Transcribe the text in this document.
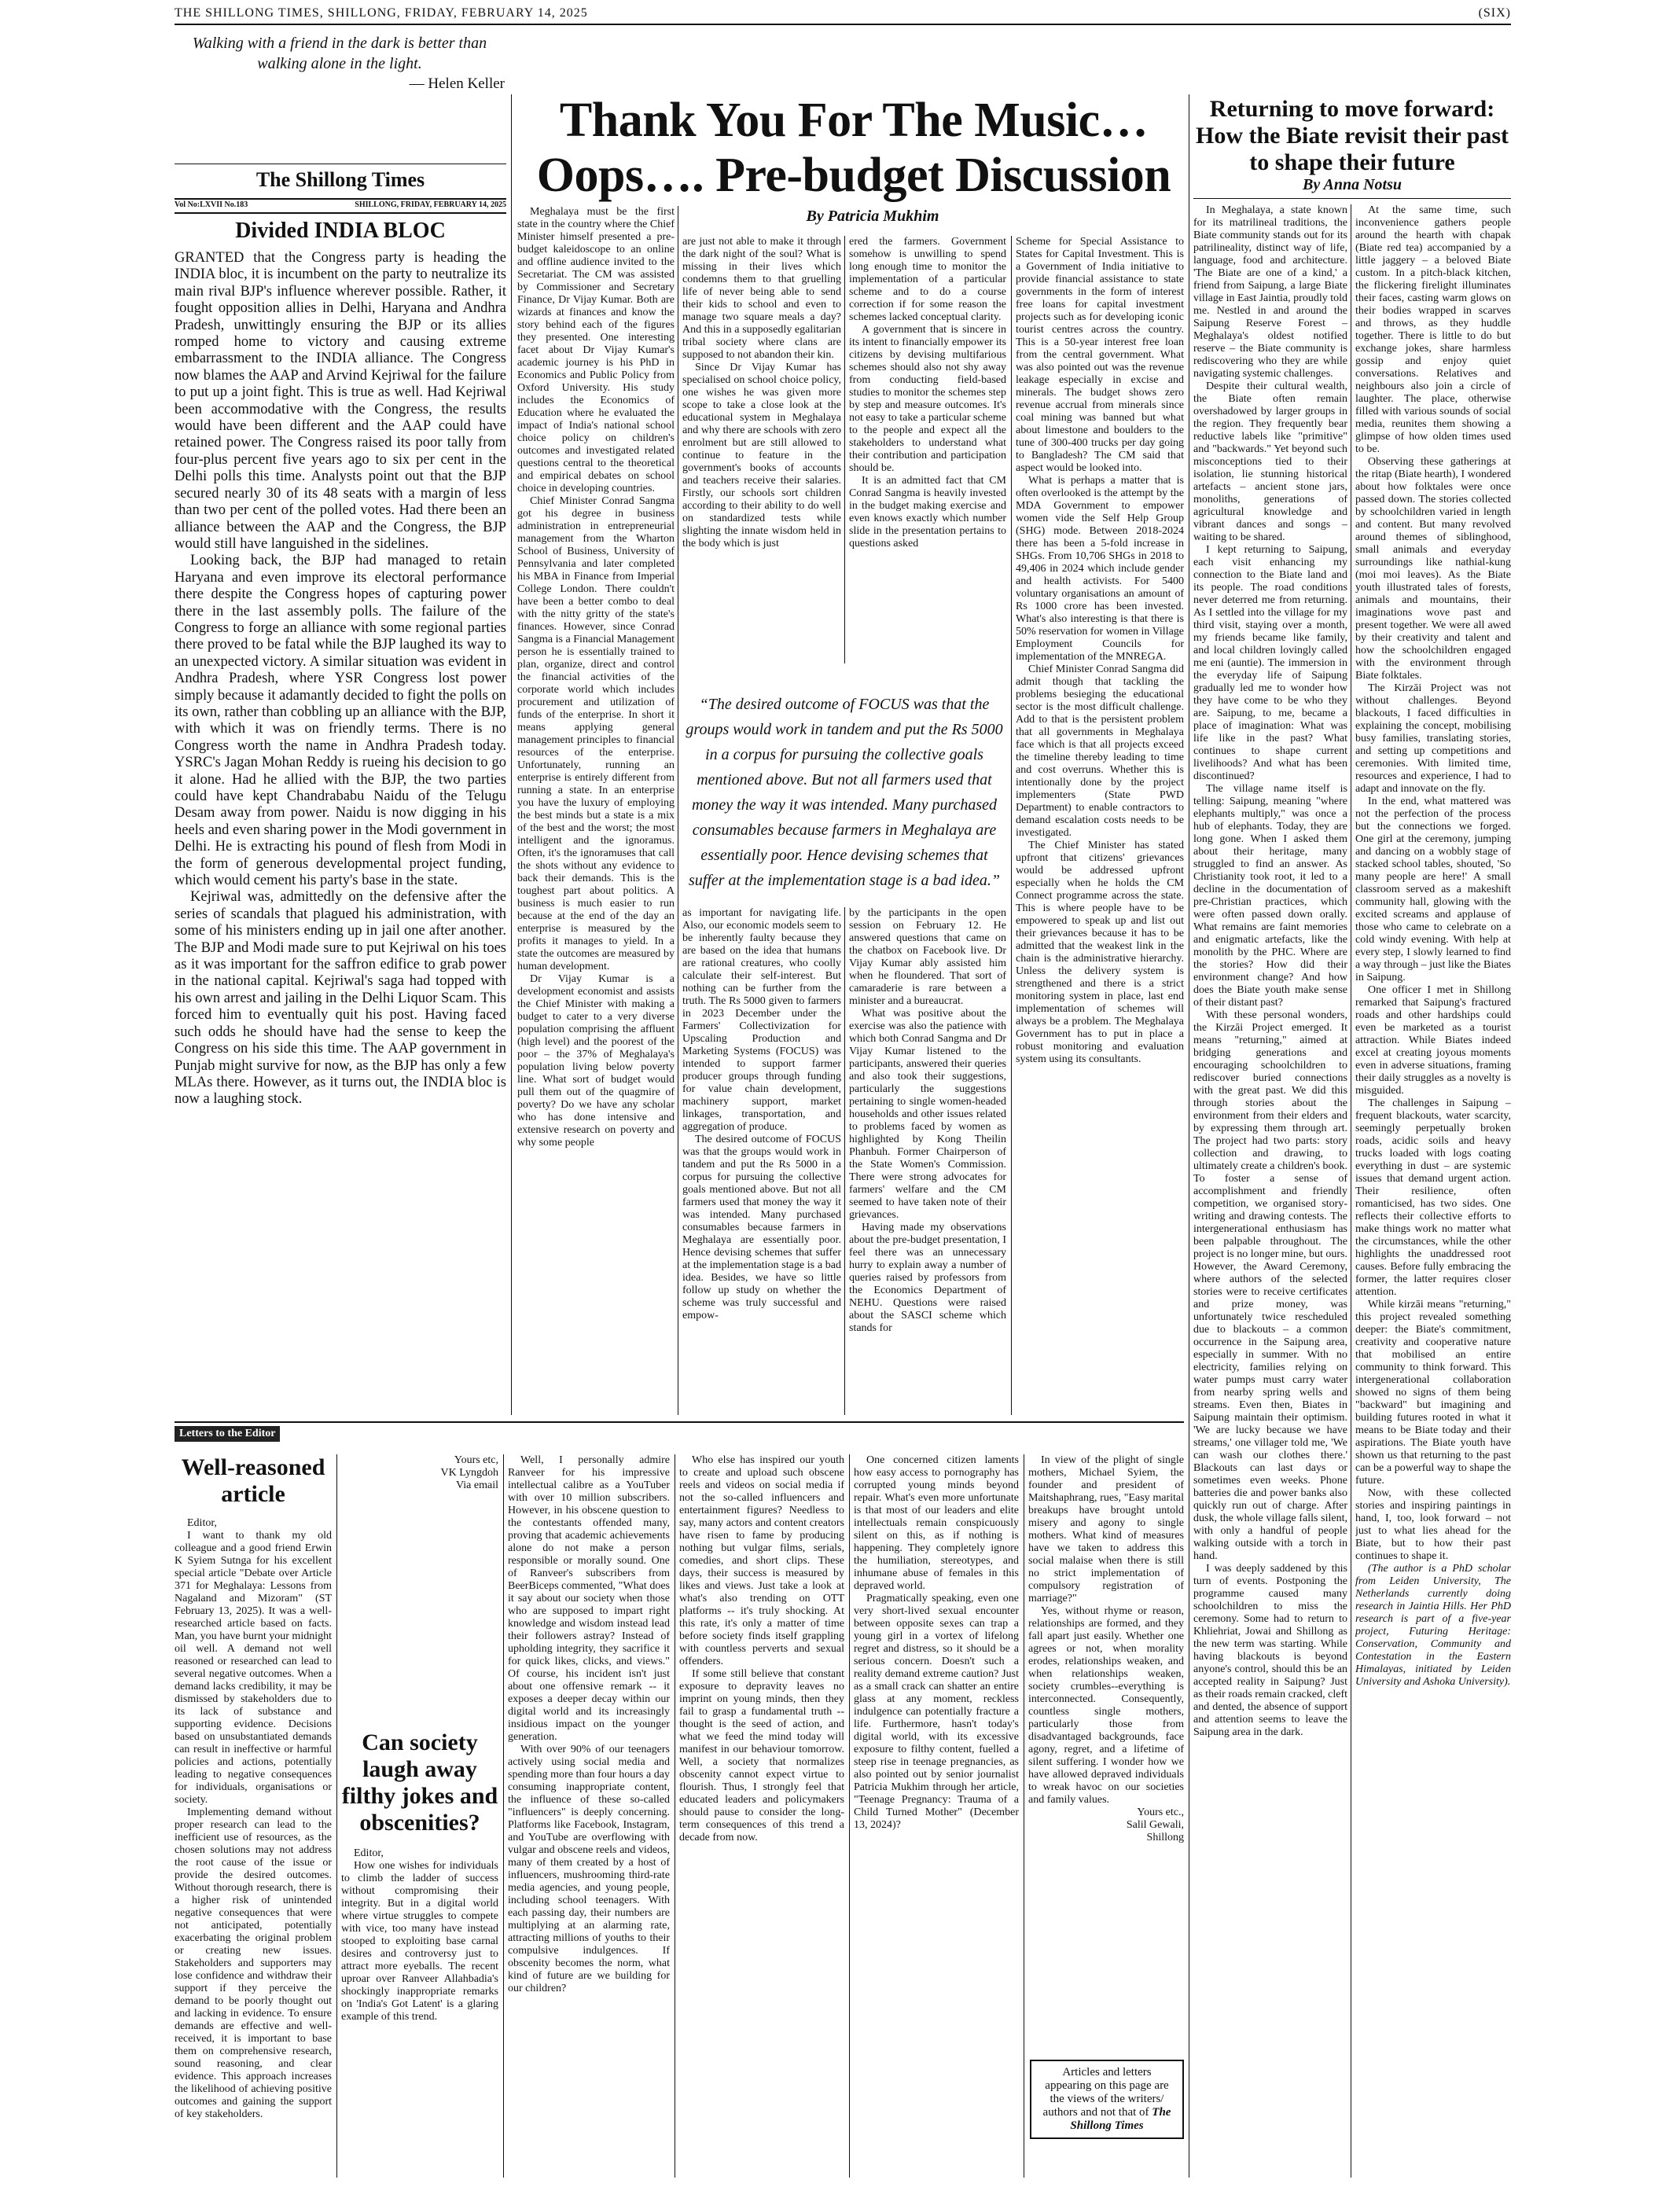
THE SHILLONG TIMES, SHILLONG, FRIDAY, FEBRUARY 14, 2025	(SIX)
Walking with a friend in the dark is better than walking alone in the light.
— Helen Keller
The Shillong Times
Vol No:LXVII No.183	SHILLONG, FRIDAY, FEBRUARY 14, 2025
Divided INDIA BLOC

GRANTED that the Congress party is heading the INDIA bloc, it is incumbent on the party to neutralize its main rival BJP's influence wherever possible. Rather, it fought opposition allies in Delhi, Haryana and Andhra Pradesh, unwittingly ensuring the BJP or its allies romped home to victory and causing extreme embarrassment to the INDIA alliance. The Congress now blames the AAP and Arvind Kejriwal for the failure to put up a joint fight. This is true as well. Had Kejriwal been accommodative with the Congress, the results would have been different and the AAP could have retained power. The Congress raised its poor tally from four-plus percent five years ago to six per cent in the Delhi polls this time. Analysts point out that the BJP secured nearly 30 of its 48 seats with a margin of less than two per cent of the polled votes. Had there been an alliance between the AAP and the Congress, the BJP would still have languished in the sidelines.

Looking back, the BJP had managed to retain Haryana and even improve its electoral performance there despite the Congress hopes of capturing power there in the last assembly polls. The failure of the Congress to forge an alliance with some regional parties there proved to be fatal while the BJP laughed its way to an unexpected victory. A similar situation was evident in Andhra Pradesh, where YSR Congress lost power simply because it adamantly decided to fight the polls on its own, rather than cobbling up an alliance with the BJP, with which it was on friendly terms. There is no Congress worth the name in Andhra Pradesh today. YSRC's Jagan Mohan Reddy is rueing his decision to go it alone. Had he allied with the BJP, the two parties could have kept Chandrababu Naidu of the Telugu Desam away from power. Naidu is now digging in his heels and even sharing power in the Modi government in Delhi. He is extracting his pound of flesh from Modi in the form of generous developmental project funding, which would cement his party's base in the state.

Kejriwal was, admittedly on the defensive after the series of scandals that plagued his administration, with some of his ministers ending up in jail one after another. The BJP and Modi made sure to put Kejriwal on his toes as it was important for the saffron edifice to grab power in the national capital. Kejriwal's saga had topped with his own arrest and jailing in the Delhi Liquor Scam. This forced him to eventually quit his post. Having faced such odds he should have had the sense to keep the Congress on his side this time. The AAP government in Punjab might survive for now, as the BJP has only a few MLAs there. However, as it turns out, the INDIA bloc is now a laughing stock.

Thank You For The Music…
Oops…. Pre-budget Discussion
By Patricia Mukhim

Meghalaya must be the first state in the country where the Chief Minister himself presented a pre-budget kaleidoscope to an online and offline audience invited to the Secretariat. The CM was assisted by Commissioner and Secretary Finance, Dr Vijay Kumar. Both are wizards at finances and know the story behind each of the figures they presented. One interesting facet about Dr Vijay Kumar's academic journey is his PhD in Economics and Public Policy from Oxford University. His study includes the Economics of Education where he evaluated the impact of India's national school choice policy on children's outcomes and investigated related questions central to the theoretical and empirical debates on school choice in developing countries.

Chief Minister Conrad Sangma got his degree in business administration in entrepreneurial management from the Wharton School of Business, University of Pennsylvania and later completed his MBA in Finance from Imperial College London. There couldn't have been a better combo to deal with the nitty gritty of the state's finances. However, since Conrad Sangma is a Financial Management person he is essentially trained to plan, organize, direct and control the financial activities of the corporate world which includes procurement and utilization of funds of the enterprise. In short it means applying general management principles to financial resources of the enterprise. Unfortunately, running an enterprise is entirely different from running a state. In an enterprise you have the luxury of employing the best minds but a state is a mix of the best and the worst; the most intelligent and the ignoramus. Often, it's the ignoramuses that call the shots without any evidence to back their demands. This is the toughest part about politics. A business is much easier to run because at the end of the day an enterprise is measured by the profits it manages to yield. In a state the outcomes are measured by human development.

Dr Vijay Kumar is a development economist and assists the Chief Minister with making a budget to cater to a very diverse population comprising the affluent (high level) and the poorest of the poor – the 37% of Meghalaya's population living below poverty line. What sort of budget would pull them out of the quagmire of poverty? Do we have any scholar who has done intensive and extensive research on poverty and why some people

are just not able to make it through the dark night of the soul? What is missing in their lives which condemns them to that gruelling life of never being able to send their kids to school and even to manage two square meals a day? And this in a supposedly egalitarian tribal society where clans are supposed to not abandon their kin.

Since Dr Vijay Kumar has specialised on school choice policy, one wishes he was given more scope to take a close look at the educational system in Meghalaya and why there are schools with zero enrolment but are still allowed to continue to feature in the government's books of accounts and teachers receive their salaries. Firstly, our schools sort children according to their ability to do well on standardized tests while slighting the innate wisdom held in the body which is just

ered the farmers. Government somehow is unwilling to spend long enough time to monitor the implementation of a particular scheme and to do a course correction if for some reason the schemes lacked conceptual clarity.

A government that is sincere in its intent to financially empower its citizens by devising multifarious schemes should also not shy away from conducting field-based studies to monitor the schemes step by step and measure outcomes. It's not easy to take a particular scheme to the people and expect all the stakeholders to understand what their contribution and participation should be.

It is an admitted fact that CM Conrad Sangma is heavily invested in the budget making exercise and even knows exactly which number slide in the presentation pertains to questions asked

“The desired outcome of FOCUS was that the groups would work in tandem and put the Rs 5000 in a corpus for pursuing the collective goals mentioned above. But not all farmers used that money the way it was intended. Many purchased consumables because farmers in Meghalaya are essentially poor. Hence devising schemes that suffer at the implementation stage is a bad idea.”

as important for navigating life. Also, our economic models seem to be inherently faulty because they are based on the idea that humans are rational creatures, who coolly calculate their self-interest. But nothing can be further from the truth. The Rs 5000 given to farmers in 2023 December under the Farmers' Collectivization for Upscaling Production and Marketing Systems (FOCUS) was intended to support farmer producer groups through funding for value chain development, machinery support, market linkages, transportation, and aggregation of produce.

The desired outcome of FOCUS was that the groups would work in tandem and put the Rs 5000 in a corpus for pursuing the collective goals mentioned above. But not all farmers used that money the way it was intended. Many purchased consumables because farmers in Meghalaya are essentially poor. Hence devising schemes that suffer at the implementation stage is a bad idea. Besides, we have so little follow up study on whether the scheme was truly successful and empow-

by the participants in the open session on February 12. He answered questions that came on the chatbox on Facebook live. Dr Vijay Kumar ably assisted him when he floundered. That sort of camaraderie is rare between a minister and a bureaucrat.

What was positive about the exercise was also the patience with which both Conrad Sangma and Dr Vijay Kumar listened to the participants, answered their queries and also took their suggestions, particularly the suggestions pertaining to single women-headed households and other issues related to problems faced by women as highlighted by Kong Theilin Phanbuh. Former Chairperson of the State Women's Commission. There were strong advocates for farmers' welfare and the CM seemed to have taken note of their grievances.

Having made my observations about the pre-budget presentation, I feel there was an unnecessary hurry to explain away a number of queries raised by professors from the Economics Department of NEHU. Questions were raised about the SASCI scheme which stands for

Scheme for Special Assistance to States for Capital Investment. This is a Government of India initiative to provide financial assistance to state governments in the form of interest free loans for capital investment projects such as for developing iconic tourist centres across the country. This is a 50-year interest free loan from the central government. What was also pointed out was the revenue leakage especially in excise and minerals. The budget shows zero revenue accrual from minerals since coal mining was banned but what about limestone and boulders to the tune of 300-400 trucks per day going to Bangladesh? The CM said that aspect would be looked into.

What is perhaps a matter that is often overlooked is the attempt by the MDA Government to empower women vide the Self Help Group (SHG) mode. Between 2018-2024 there has been a 5-fold increase in SHGs. From 10,706 SHGs in 2018 to 49,406 in 2024 which include gender and health activists. For 5400 voluntary organisations an amount of Rs 1000 crore has been invested. What's also interesting is that there is 50% reservation for women in Village Employment Councils for implementation of the MNREGA.

Chief Minister Conrad Sangma did admit though that tackling the problems besieging the educational sector is the most difficult challenge. Add to that is the persistent problem that all governments in Meghalaya face which is that all projects exceed the timeline thereby leading to time and cost overruns. Whether this is intentionally done by the project implementers (State PWD Department) to enable contractors to demand escalation costs needs to be investigated.

The Chief Minister has stated upfront that citizens' grievances would be addressed upfront especially when he holds the CM Connect programme across the state. This is where people have to be empowered to speak up and list out their grievances because it has to be admitted that the weakest link in the chain is the administrative hierarchy. Unless the delivery system is strengthened and there is a strict monitoring system in place, last end implementation of schemes will always be a problem. The Meghalaya Government has to put in place a robust monitoring and evaluation system using its consultants.

Returning to move forward: How the Biate revisit their past to shape their future
By Anna Notsu

In Meghalaya, a state known for its matrilineal traditions, the Biate community stands out for its patrilineality, distinct way of life, language, food and architecture. 'The Biate are one of a kind,' a friend from Saipung, a large Biate village in East Jaintia, proudly told me. Nestled in and around the Saipung Reserve Forest – Meghalaya's oldest notified reserve – the Biate community is rediscovering who they are while navigating systemic challenges.

Despite their cultural wealth, the Biate often remain overshadowed by larger groups in the region. They frequently bear reductive labels like "primitive" and "backwards." Yet beyond such misconceptions tied to their isolation, lie stunning historical artefacts – ancient stone jars, monoliths, generations of agricultural knowledge and vibrant dances and songs – waiting to be shared.

I kept returning to Saipung, each visit enhancing my connection to the Biate land and its people. The road conditions never deterred me from returning. As I settled into the village for my third visit, staying over a month, my friends became like family, and local children lovingly called me eni (auntie). The immersion in the everyday life of Saipung gradually led me to wonder how they have come to be who they are. Saipung, to me, became a place of imagination: What was life like in the past? What continues to shape current livelihoods? And what has been discontinued?

The village name itself is telling: Saipung, meaning "where elephants multiply," was once a hub of elephants. Today, they are long gone. When I asked them about their heritage, many struggled to find an answer. As Christianity took root, it led to a decline in the documentation of pre-Christian practices, which were often passed down orally. What remains are faint memories and enigmatic artefacts, like the monolith by the PHC. Where are the stories? How did their environment change? And how does the Biate youth make sense of their distant past?

With these personal wonders, the Kirzāi Project emerged. It means "returning," aimed at bridging generations and encouraging schoolchildren to rediscover buried connections with the great past. We did this through stories about the environment from their elders and by expressing them through art. The project had two parts: story collection and drawing, to ultimately create a children's book. To foster a sense of accomplishment and friendly competition, we organised story-writing and drawing contests. The intergenerational enthusiasm has been palpable throughout. The project is no longer mine, but ours. However, the Award Ceremony, where authors of the selected stories were to receive certificates and prize money, was unfortunately twice rescheduled due to blackouts – a common occurrence in the Saipung area, especially in summer. With no electricity, families relying on water pumps must carry water from nearby spring wells and streams. Even then, Biates in Saipung maintain their optimism. 'We are lucky because we have streams,' one villager told me, 'We can wash our clothes there.' Blackouts can last days or sometimes even weeks. Phone batteries die and power banks also quickly run out of charge. After dusk, the whole village falls silent, with only a handful of people walking outside with a torch in hand.

I was deeply saddened by this turn of events. Postponing the programme caused many schoolchildren to miss the ceremony. Some had to return to Khliehriat, Jowai and Shillong as the new term was starting. While having blackouts is beyond anyone's control, should this be an accepted reality in Saipung? Just as their roads remain cracked, cleft and dented, the absence of support and attention seems to leave the Saipung area in the dark.

At the same time, such inconvenience gathers people around the hearth with chapak (Biate red tea) accompanied by a little jaggery – a beloved Biate custom. In a pitch-black kitchen, the flickering firelight illuminates their faces, casting warm glows on their bodies wrapped in scarves and throws, as they huddle together. There is little to do but exchange jokes, share harmless gossip and enjoy quiet conversations. Relatives and neighbours also join a circle of laughter. The place, otherwise filled with various sounds of social media, reunites them showing a glimpse of how olden times used to be.

Observing these gatherings at the ritap (Biate hearth), I wondered about how folktales were once passed down. The stories collected by schoolchildren varied in length and content. But many revolved around themes of siblinghood, small animals and everyday surroundings like nathial-kung (moi moi leaves). As the Biate youth illustrated tales of forests, animals and mountains, their imaginations wove past and present together. We were all awed by their creativity and talent and how the schoolchildren engaged with the environment through Biate folktales.

The Kirzāi Project was not without challenges. Beyond blackouts, I faced difficulties in explaining the concept, mobilising busy families, translating stories, and setting up competitions and ceremonies. With limited time, resources and experience, I had to adapt and innovate on the fly.

In the end, what mattered was not the perfection of the process but the connections we forged. One girl at the ceremony, jumping and dancing on a wobbly stage of stacked school tables, shouted, 'So many people are here!' A small classroom served as a makeshift community hall, glowing with the excited screams and applause of those who came to celebrate on a cold windy evening. With help at every step, I slowly learned to find a way through – just like the Biates in Saipung.

One officer I met in Shillong remarked that Saipung's fractured roads and other hardships could even be marketed as a tourist attraction. While Biates indeed excel at creating joyous moments even in adverse situations, framing their daily struggles as a novelty is misguided.

The challenges in Saipung – frequent blackouts, water scarcity, seemingly perpetually broken roads, acidic soils and heavy trucks loaded with logs coating everything in dust – are systemic issues that demand urgent action. Their resilience, often romanticised, has two sides. One reflects their collective efforts to make things work no matter what the circumstances, while the other highlights the unaddressed root causes. Before fully embracing the former, the latter requires closer attention.

While kirzāi means "returning," this project revealed something deeper: the Biate's commitment, creativity and cooperative nature that mobilised an entire community to think forward. This intergenerational collaboration showed no signs of them being "backward" but imagining and building futures rooted in what it means to be Biate today and their aspirations. The Biate youth have shown us that returning to the past can be a powerful way to shape the future.

Now, with these collected stories and inspiring paintings in hand, I, too, look forward – not just to what lies ahead for the Biate, but to how their past continues to shape it.

(The author is a PhD scholar from Leiden University, The Netherlands currently doing research in Jaintia Hills. Her PhD research is part of a five-year project, Futuring Heritage: Conservation, Community and Contestation in the Eastern Himalayas, initiated by Leiden University and Ashoka University).

Letters to the Editor
Well-reasoned article

Editor,

I want to thank my old colleague and a good friend Erwin K Syiem Sutnga for his excellent special article "Debate over Article 371 for Meghalaya: Lessons from Nagaland and Mizoram" (ST February 13, 2025). It was a well-researched article based on facts. Man, you have burnt your midnight oil well. A demand not well reasoned or researched can lead to several negative outcomes. When a demand lacks credibility, it may be dismissed by stakeholders due to its lack of substance and supporting evidence. Decisions based on unsubstantiated demands can result in ineffective or harmful policies and actions, potentially leading to negative consequences for individuals, organisations or society.

Implementing demand without proper research can lead to the inefficient use of resources, as the chosen solutions may not address the root cause of the issue or provide the desired outcomes. Without thorough research, there is a higher risk of unintended negative consequences that were not anticipated, potentially exacerbating the original problem or creating new issues. Stakeholders and supporters may lose confidence and withdraw their support if they perceive the demand to be poorly thought out and lacking in evidence. To ensure demands are effective and well-received, it is important to base them on comprehensive research, sound reasoning, and clear evidence. This approach increases the likelihood of achieving positive outcomes and gaining the support of key stakeholders.

Yours etc,

VK Lyngdoh

Via email

Can society laugh away filthy jokes and obscenities?

Editor,

How one wishes for individuals to climb the ladder of success without compromising their integrity. But in a digital world where virtue struggles to compete with vice, too many have instead stooped to exploiting base carnal desires and controversy just to attract more eyeballs. The recent uproar over Ranveer Allahbadia's shockingly inappropriate remarks on 'India's Got Latent' is a glaring example of this trend.

Well, I personally admire Ranveer for his impressive intellectual calibre as a YouTuber with over 10 million subscribers. However, in his obscene question to the contestants offended many, proving that academic achievements alone do not make a person responsible or morally sound. One of Ranveer's subscribers from BeerBiceps commented, "What does it say about our society when those who are supposed to impart right knowledge and wisdom instead lead their followers astray? Instead of upholding integrity, they sacrifice it for quick likes, clicks, and views." Of course, his incident isn't just about one offensive remark -- it exposes a deeper decay within our digital world and its increasingly insidious impact on the younger generation.

With over 90% of our teenagers actively using social media and spending more than four hours a day consuming inappropriate content, the influence of these so-called "influencers" is deeply concerning. Platforms like Facebook, Instagram, and YouTube are overflowing with vulgar and obscene reels and videos, many of them created by a host of influencers, mushrooming third-rate media agencies, and young people, including school teenagers. With each passing day, their numbers are multiplying at an alarming rate, attracting millions of youths to their compulsive indulgences. If obscenity becomes the norm, what kind of future are we building for our children?

Who else has inspired our youth to create and upload such obscene reels and videos on social media if not the so-called influencers and entertainment figures? Needless to say, many actors and content creators have risen to fame by producing nothing but vulgar films, serials, comedies, and short clips. These days, their success is measured by likes and views. Just take a look at what's also trending on OTT platforms -- it's truly shocking. At this rate, it's only a matter of time before society finds itself grappling with countless perverts and sexual offenders.

If some still believe that constant exposure to depravity leaves no imprint on young minds, then they fail to grasp a fundamental truth -- thought is the seed of action, and what we feed the mind today will manifest in our behaviour tomorrow. Well, a society that normalizes obscenity cannot expect virtue to flourish. Thus, I strongly feel that educated leaders and policymakers should pause to consider the long-term consequences of this trend a decade from now.

One concerned citizen laments how easy access to pornography has corrupted young minds beyond repair. What's even more unfortunate is that most of our leaders and elite intellectuals remain conspicuously silent on this, as if nothing is happening. They completely ignore the humiliation, stereotypes, and inhumane abuse of females in this depraved world.

Pragmatically speaking, even one very short-lived sexual encounter between opposite sexes can trap a young girl in a vortex of lifelong regret and distress, so it should be a serious concern. Doesn't such a reality demand extreme caution? Just as a small crack can shatter an entire glass at any moment, reckless indulgence can potentially fracture a life. Furthermore, hasn't today's digital world, with its excessive exposure to filthy content, fuelled a steep rise in teenage pregnancies, as also pointed out by senior journalist Patricia Mukhim through her article, "Teenage Pregnancy: Trauma of a Child Turned Mother" (December 13, 2024)?

In view of the plight of single mothers, Michael Syiem, the founder and president of Maitshaphrang, rues, "Easy marital breakups have brought untold misery and agony to single mothers. What kind of measures have we taken to address this social malaise when there is still no strict implementation of compulsory registration of marriage?"

Yes, without rhyme or reason, relationships are formed, and they fall apart just easily. Whether one agrees or not, when morality erodes, relationships weaken, and when relationships weaken, society crumbles--everything is interconnected. Consequently, countless single mothers, particularly those from disadvantaged backgrounds, face agony, regret, and a lifetime of silent suffering. I wonder how we have allowed depraved individuals to wreak havoc on our societies and family values.

Yours etc.,

Salil Gewali,

Shillong

Articles and letters appearing on this page are the views of the writers/ authors and not that of The Shillong Times
